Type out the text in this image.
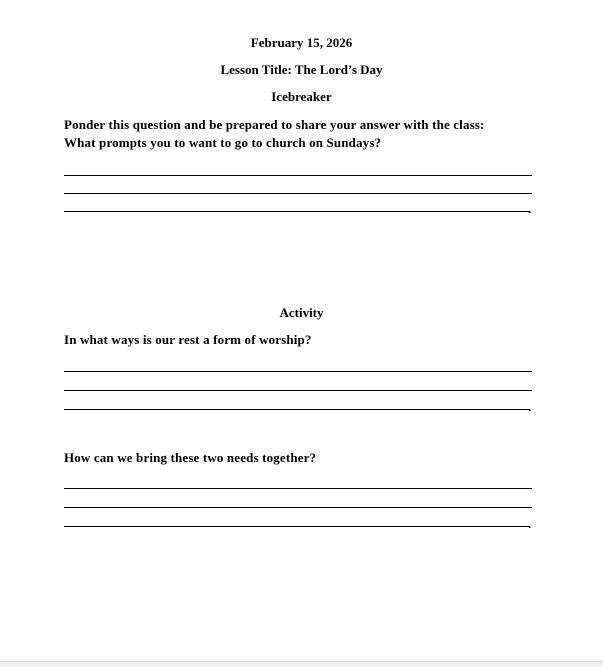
February 15, 2026
Lesson Title: The Lord’s Day
Icebreaker
Ponder this question and be prepared to share your answer with the class:
What prompts you to want to go to church on Sundays?
.
Activity
In what ways is our rest a form of worship?
.
How can we bring these two needs together?
.
